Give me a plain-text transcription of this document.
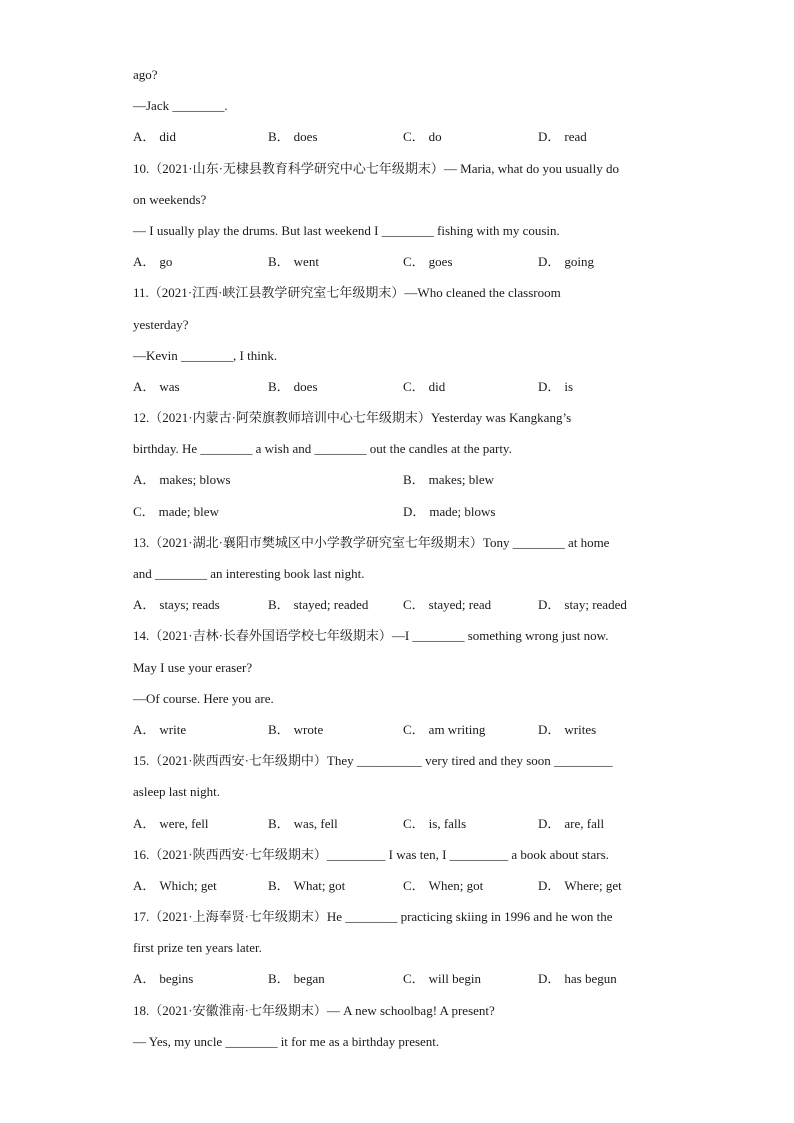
ago?
—Jack ________.
A． did	B． does	C． do	D． read
10.（2021·山东·无棣县教育科学研究中心七年级期末）— Maria, what do you usually do
on weekends?
— I usually play the drums. But last weekend I ________ fishing with my cousin.
A． go	B． went	C． goes	D． going
11.（2021·江西·峡江县教学研究室七年级期末）—Who cleaned the classroom
yesterday?
—Kevin ________, I think.
A． was	B． does	C． did	D． is
12.（2021·内蒙古·阿荣旗教师培训中心七年级期末）Yesterday was Kangkang’s
birthday. He ________ a wish and ________ out the candles at the party.
A． makes; blows	B． makes; blew
C． made; blew	D． made; blows
13.（2021·湖北·襄阳市樊城区中小学教学研究室七年级期末）Tony ________ at home
and ________ an interesting book last night.
A． stays; reads	B． stayed; readed	C． stayed; read	D． stay; readed
14.（2021·吉林·长春外国语学校七年级期末）—I ________ something wrong just now.
May I use your eraser?
—Of course. Here you are.
A． write	B． wrote	C． am writing	D． writes
15.（2021·陕西西安·七年级期中）They __________ very tired and they soon _________
asleep last night.
A． were, fell	B． was, fell	C． is, falls	D． are, fall
16.（2021·陕西西安·七年级期末）_________ I was ten, I _________ a book about stars.
A． Which; get	B． What; got	C． When; got	D． Where; get
17.（2021·上海奉贤·七年级期末）He ________ practicing skiing in 1996 and he won the
first prize ten years later.
A． begins	B． began	C． will begin	D． has begun
18.（2021·安徽淮南·七年级期末）— A new schoolbag! A present?
— Yes, my uncle ________ it for me as a birthday present.
